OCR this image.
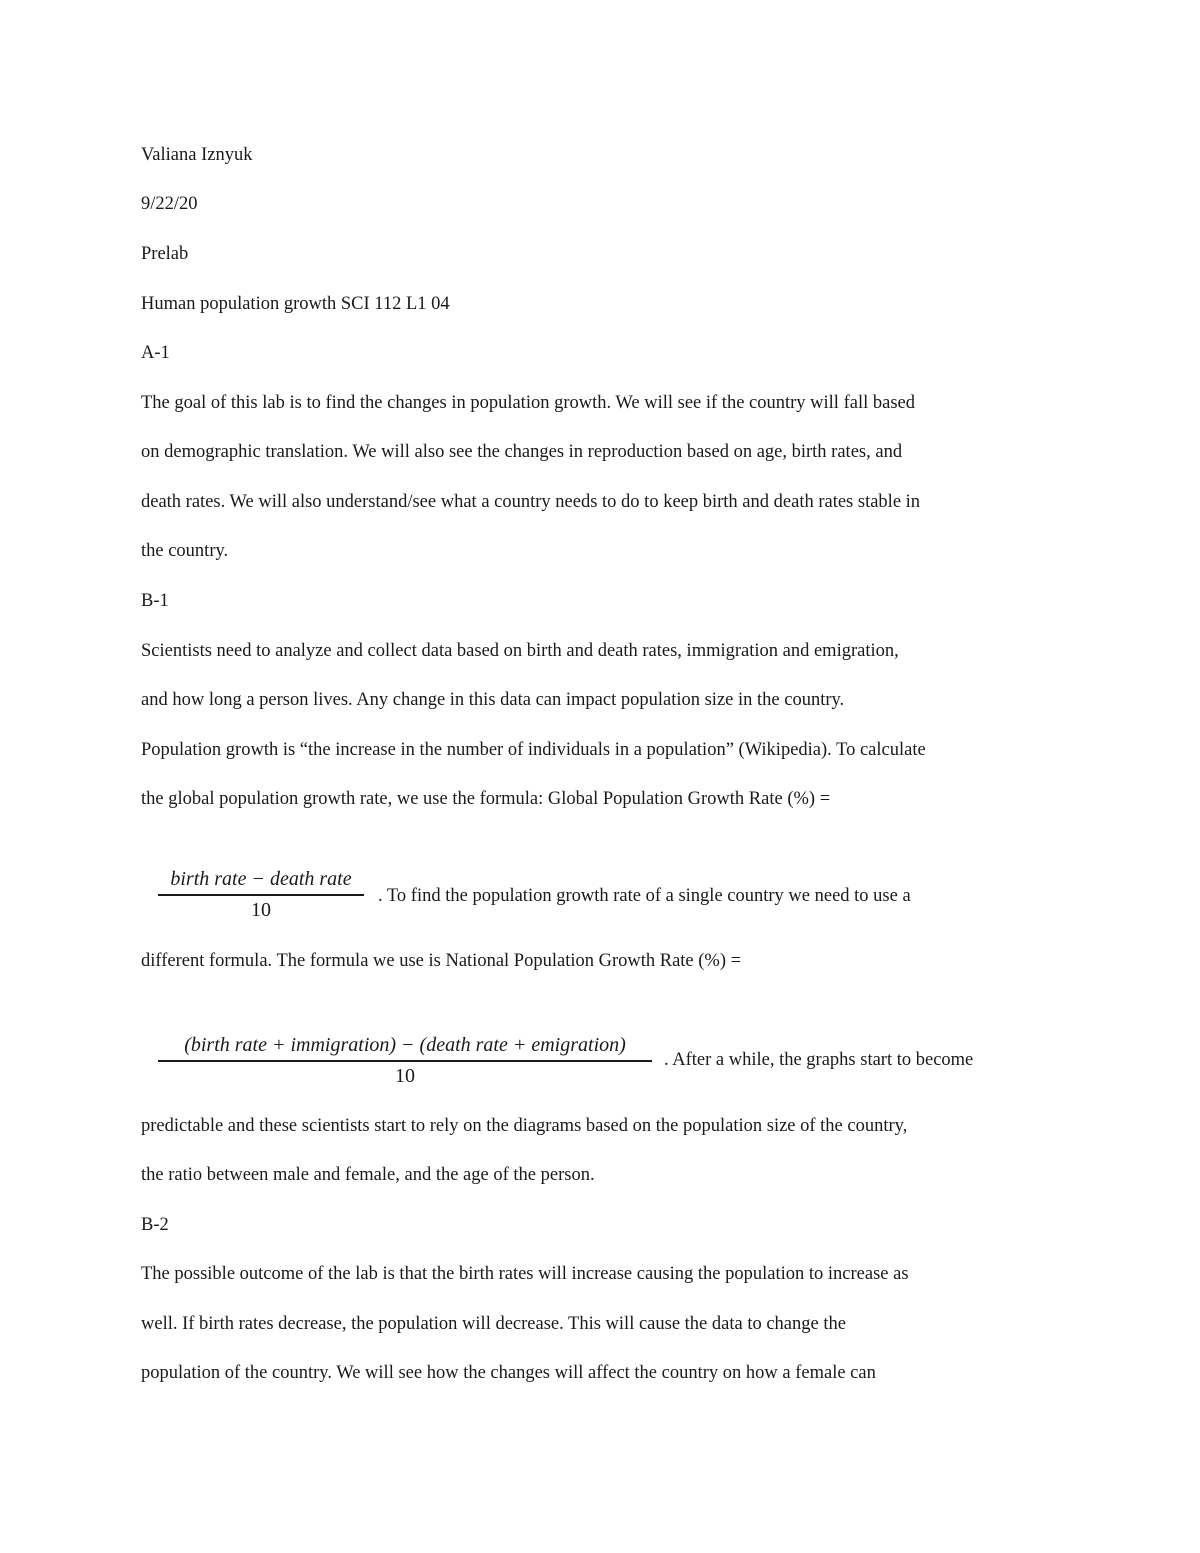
Valiana Iznyuk
9/22/20
Prelab
Human population growth SCI 112 L1 04
A-1
The goal of this lab is to find the changes in population growth. We will see if the country will fall based
on demographic translation. We will also see the changes in reproduction based on age, birth rates, and
death rates. We will also understand/see what a country needs to do to keep birth and death rates stable in
the country.
B-1
Scientists need to analyze and collect data based on birth and death rates, immigration and emigration,
and how long a person lives. Any change in this data can impact population size in the country.
Population growth is “the increase in the number of individuals in a population” (Wikipedia). To calculate
the global population growth rate, we use the formula: Global Population Growth Rate (%) =
birth rate − death rate
10
. To find the population growth rate of a single country we need to use a
different formula. The formula we use is National Population Growth Rate (%) =
(birth rate + immigration) − (death rate + emigration)
10
. After a while, the graphs start to become
predictable and these scientists start to rely on the diagrams based on the population size of the country,
the ratio between male and female, and the age of the person.
B-2
The possible outcome of the lab is that the birth rates will increase causing the population to increase as
well. If birth rates decrease, the population will decrease. This will cause the data to change the
population of the country. We will see how the changes will affect the country on how a female can
